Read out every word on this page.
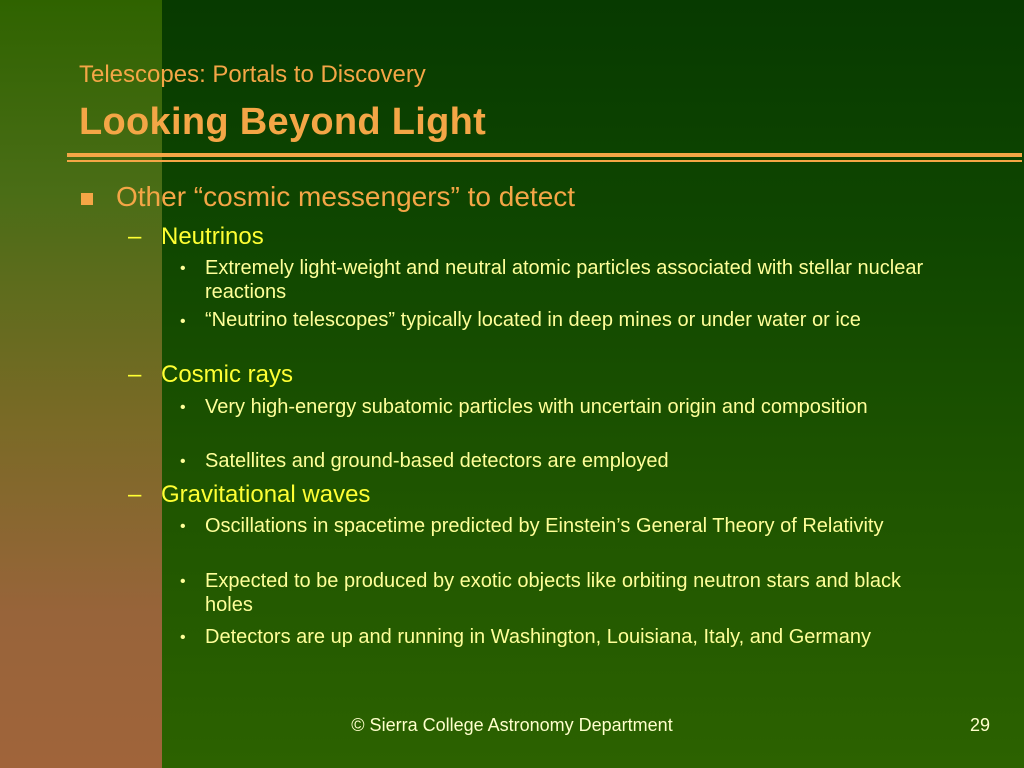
Telescopes: Portals to Discovery
Looking Beyond Light
Other “cosmic messengers” to detect
– Neutrinos
• Extremely light-weight and neutral atomic particles associated with stellar nuclear reactions
• “Neutrino telescopes” typically located in deep mines or under water or ice
– Cosmic rays
• Very high-energy subatomic particles with uncertain origin and composition
• Satellites and ground-based detectors are employed
– Gravitational waves
• Oscillations in spacetime predicted by Einstein’s General Theory of Relativity
• Expected to be produced by exotic objects like orbiting neutron stars and black holes
• Detectors are up and running in Washington, Louisiana, Italy, and Germany
© Sierra College Astronomy Department	29
